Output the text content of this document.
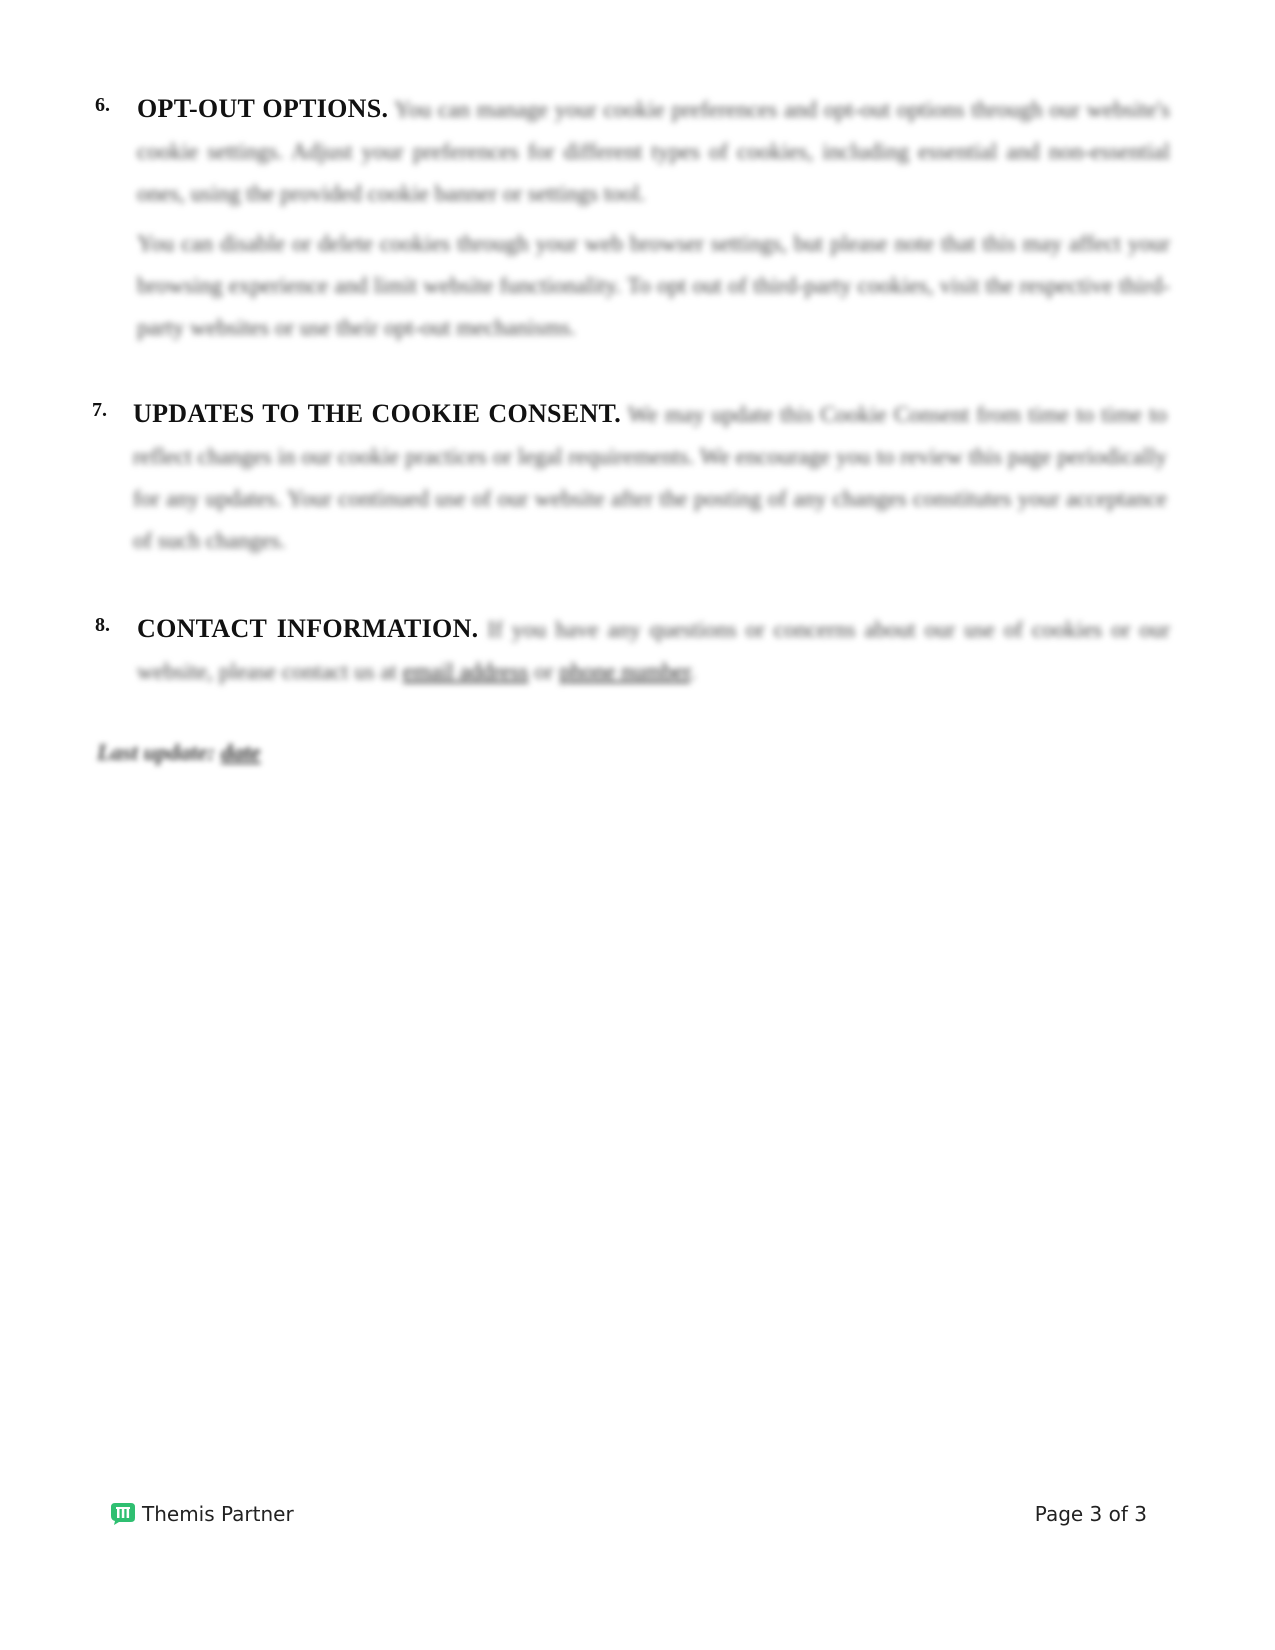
6. OPT-OUT OPTIONS. You can manage your cookie preferences and opt-out options through our website's cookie settings. Adjust your preferences for different types of cookies, including essential and non-essential ones, using the provided cookie banner or settings tool.
You can disable or delete cookies through your web browser settings, but please note that this may affect your browsing experience and limit website functionality. To opt out of third-party cookies, visit the respective third-party websites or use their opt-out mechanisms.
7. UPDATES TO THE COOKIE CONSENT. We may update this Cookie Consent from time to time to reflect changes in our cookie practices or legal requirements. We encourage you to review this page periodically for any updates. Your continued use of our website after the posting of any changes constitutes your acceptance of such changes.
8. CONTACT INFORMATION. If you have any questions or concerns about our use of cookies or our website, please contact us at email address or phone number.
Last update: date
Themis Partner	Page 3 of 3
